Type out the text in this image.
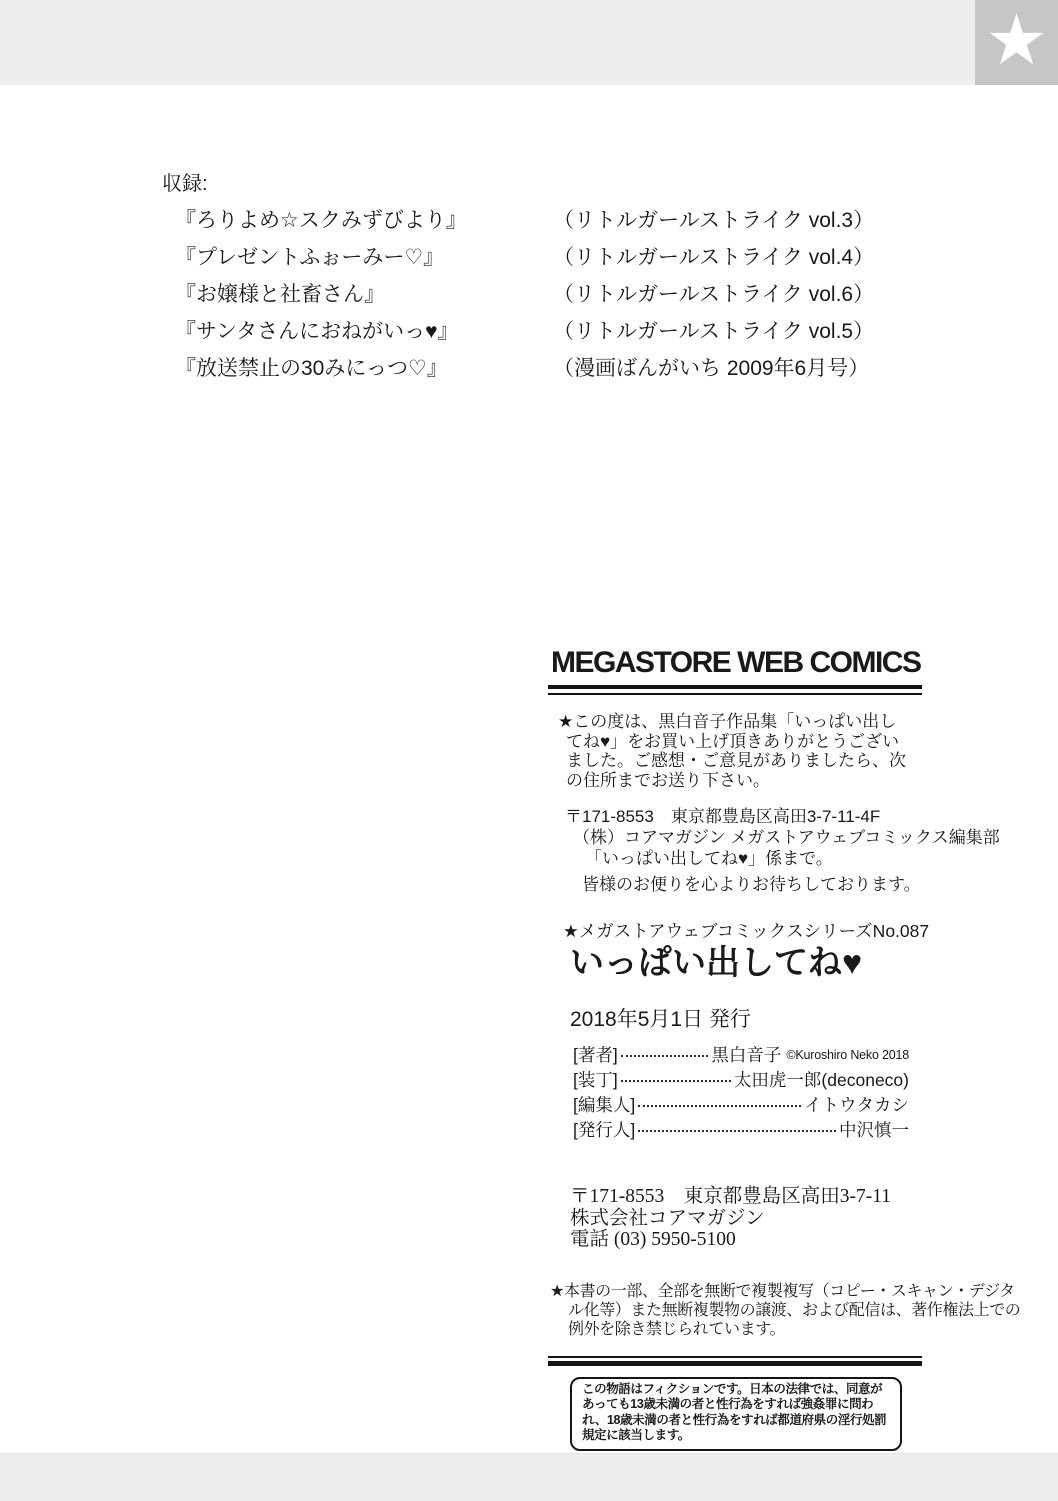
★
収録:
『ろりよめ☆スクみずびより』	（リトルガールストライク vol.3）
『プレゼントふぉーみー♡』	（リトルガールストライク vol.4）
『お嬢様と社畜さん』	（リトルガールストライク vol.6）
『サンタさんにおねがいっ♥』	（リトルガールストライク vol.5）
『放送禁止の30みにっつ♡』	（漫画ばんがいち 2009年6月号）
MEGASTORE WEB COMICS

★この度は、黒白音子作品集「いっぱい出してね♥」をお買い上げ頂きありがとうございました。ご感想・ご意見がありましたら、次の住所までお送り下さい。

〒171-8553　東京都豊島区高田3-7-11-4F
（株）コアマガジン メガストアウェブコミックス編集部
「いっぱい出してね♥」係まで。
皆様のお便りを心よりお待ちしております。
★メガストアウェブコミックスシリーズNo.087
いっぱい出してね♥
2018年5月1日 発行
[著者]	黒白音子 ©Kuroshiro Neko 2018
[装丁]	太田虎一郎(deconeco)
[編集人]	イトウタカシ
[発行人]	中沢慎一
〒171-8553　東京都豊島区高田3-7-11
株式会社コアマガジン
電話 (03) 5950-5100

★本書の一部、全部を無断で複製複写（コピー・スキャン・デジタル化等）また無断複製物の譲渡、および配信は、著作権法上での例外を除き禁じられています。

この物語はフィクションです。日本の法律では、同意があっても13歳未満の者と性行為をすれば強姦罪に問われ、18歳未満の者と性行為をすれば都道府県の淫行処罰規定に該当します。
